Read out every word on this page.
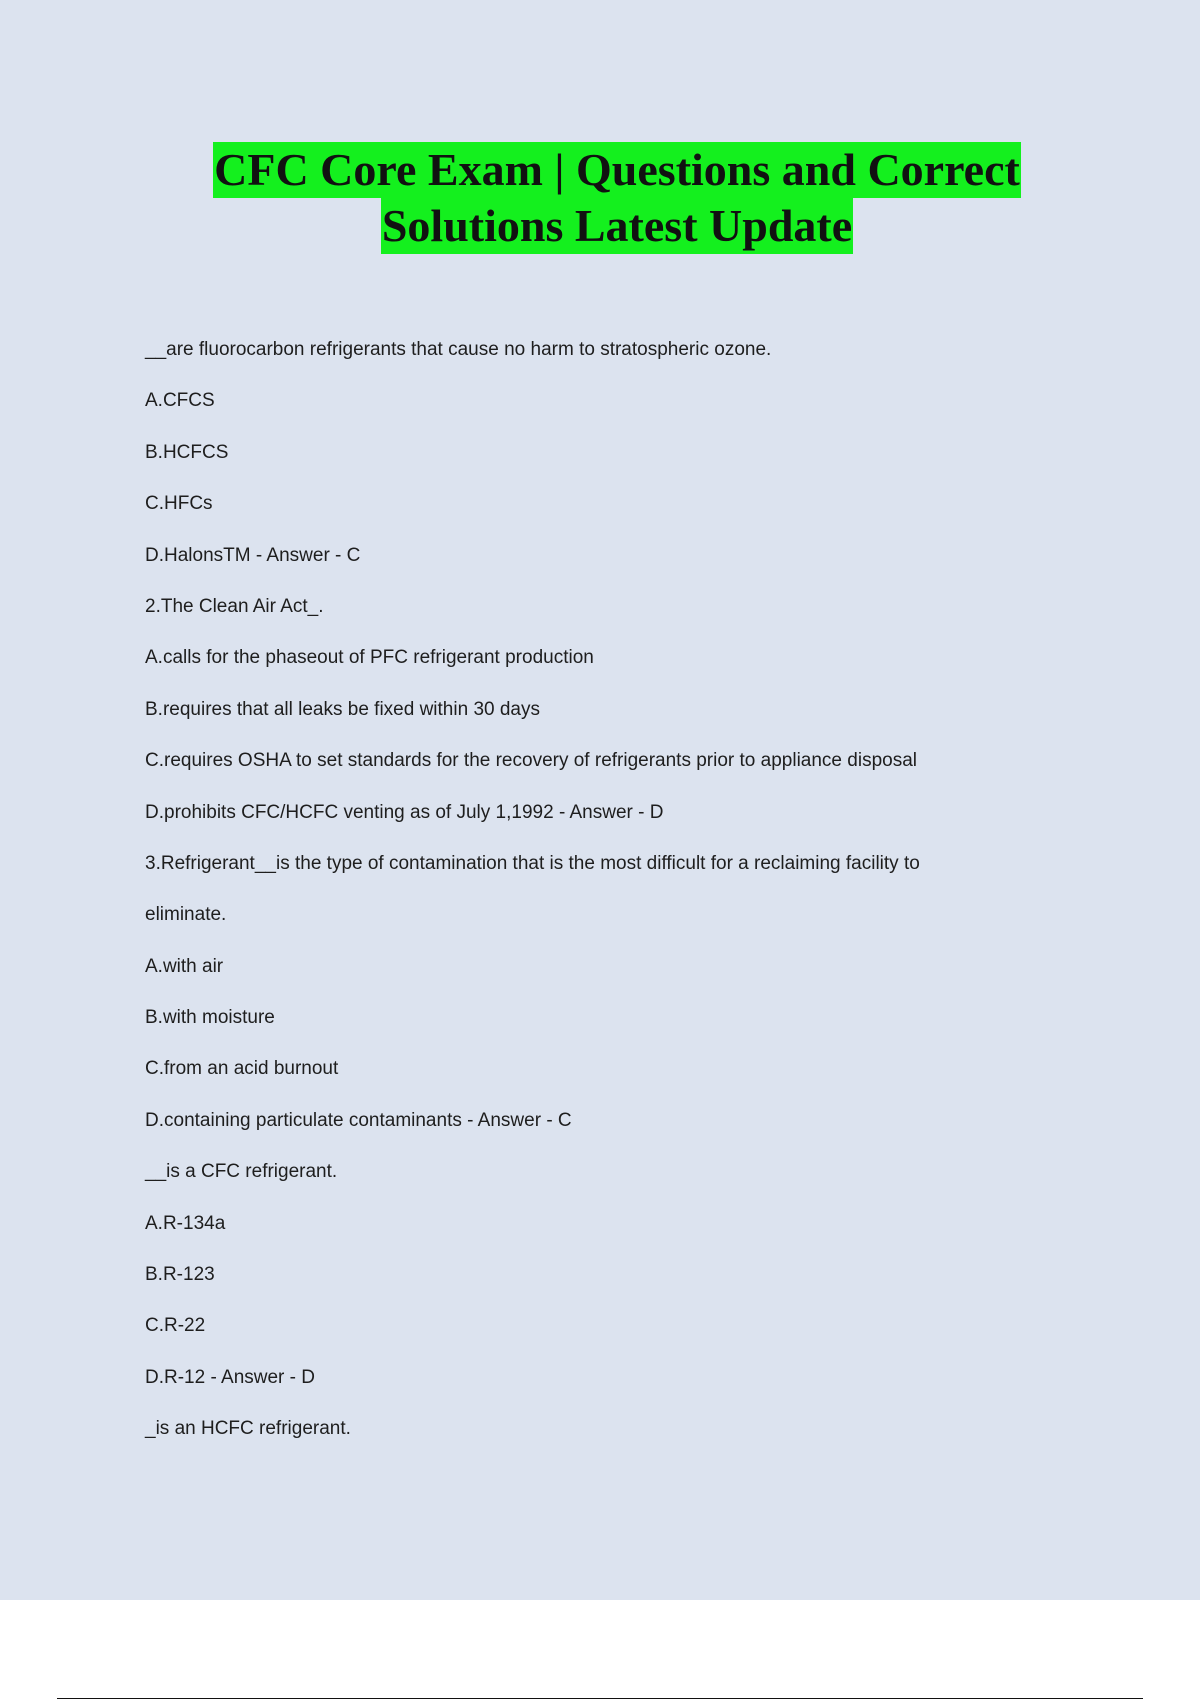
CFC Core Exam | Questions and Correct
Solutions Latest Update
__are fluorocarbon refrigerants that cause no harm to stratospheric ozone.
A.CFCS
B.HCFCS
C.HFCs
D.HalonsTM - Answer - C
2.The Clean Air Act_.
A.calls for the phaseout of PFC refrigerant production
B.requires that all leaks be fixed within 30 days
C.requires OSHA to set standards for the recovery of refrigerants prior to appliance disposal
D.prohibits CFC/HCFC venting as of July 1,1992 - Answer - D
3.Refrigerant__is the type of contamination that is the most difficult for a reclaiming facility to
eliminate.
A.with air
B.with moisture
C.from an acid burnout
D.containing particulate contaminants - Answer - C
__is a CFC refrigerant.
A.R-134a
B.R-123
C.R-22
D.R-12 - Answer - D
_is an HCFC refrigerant.
